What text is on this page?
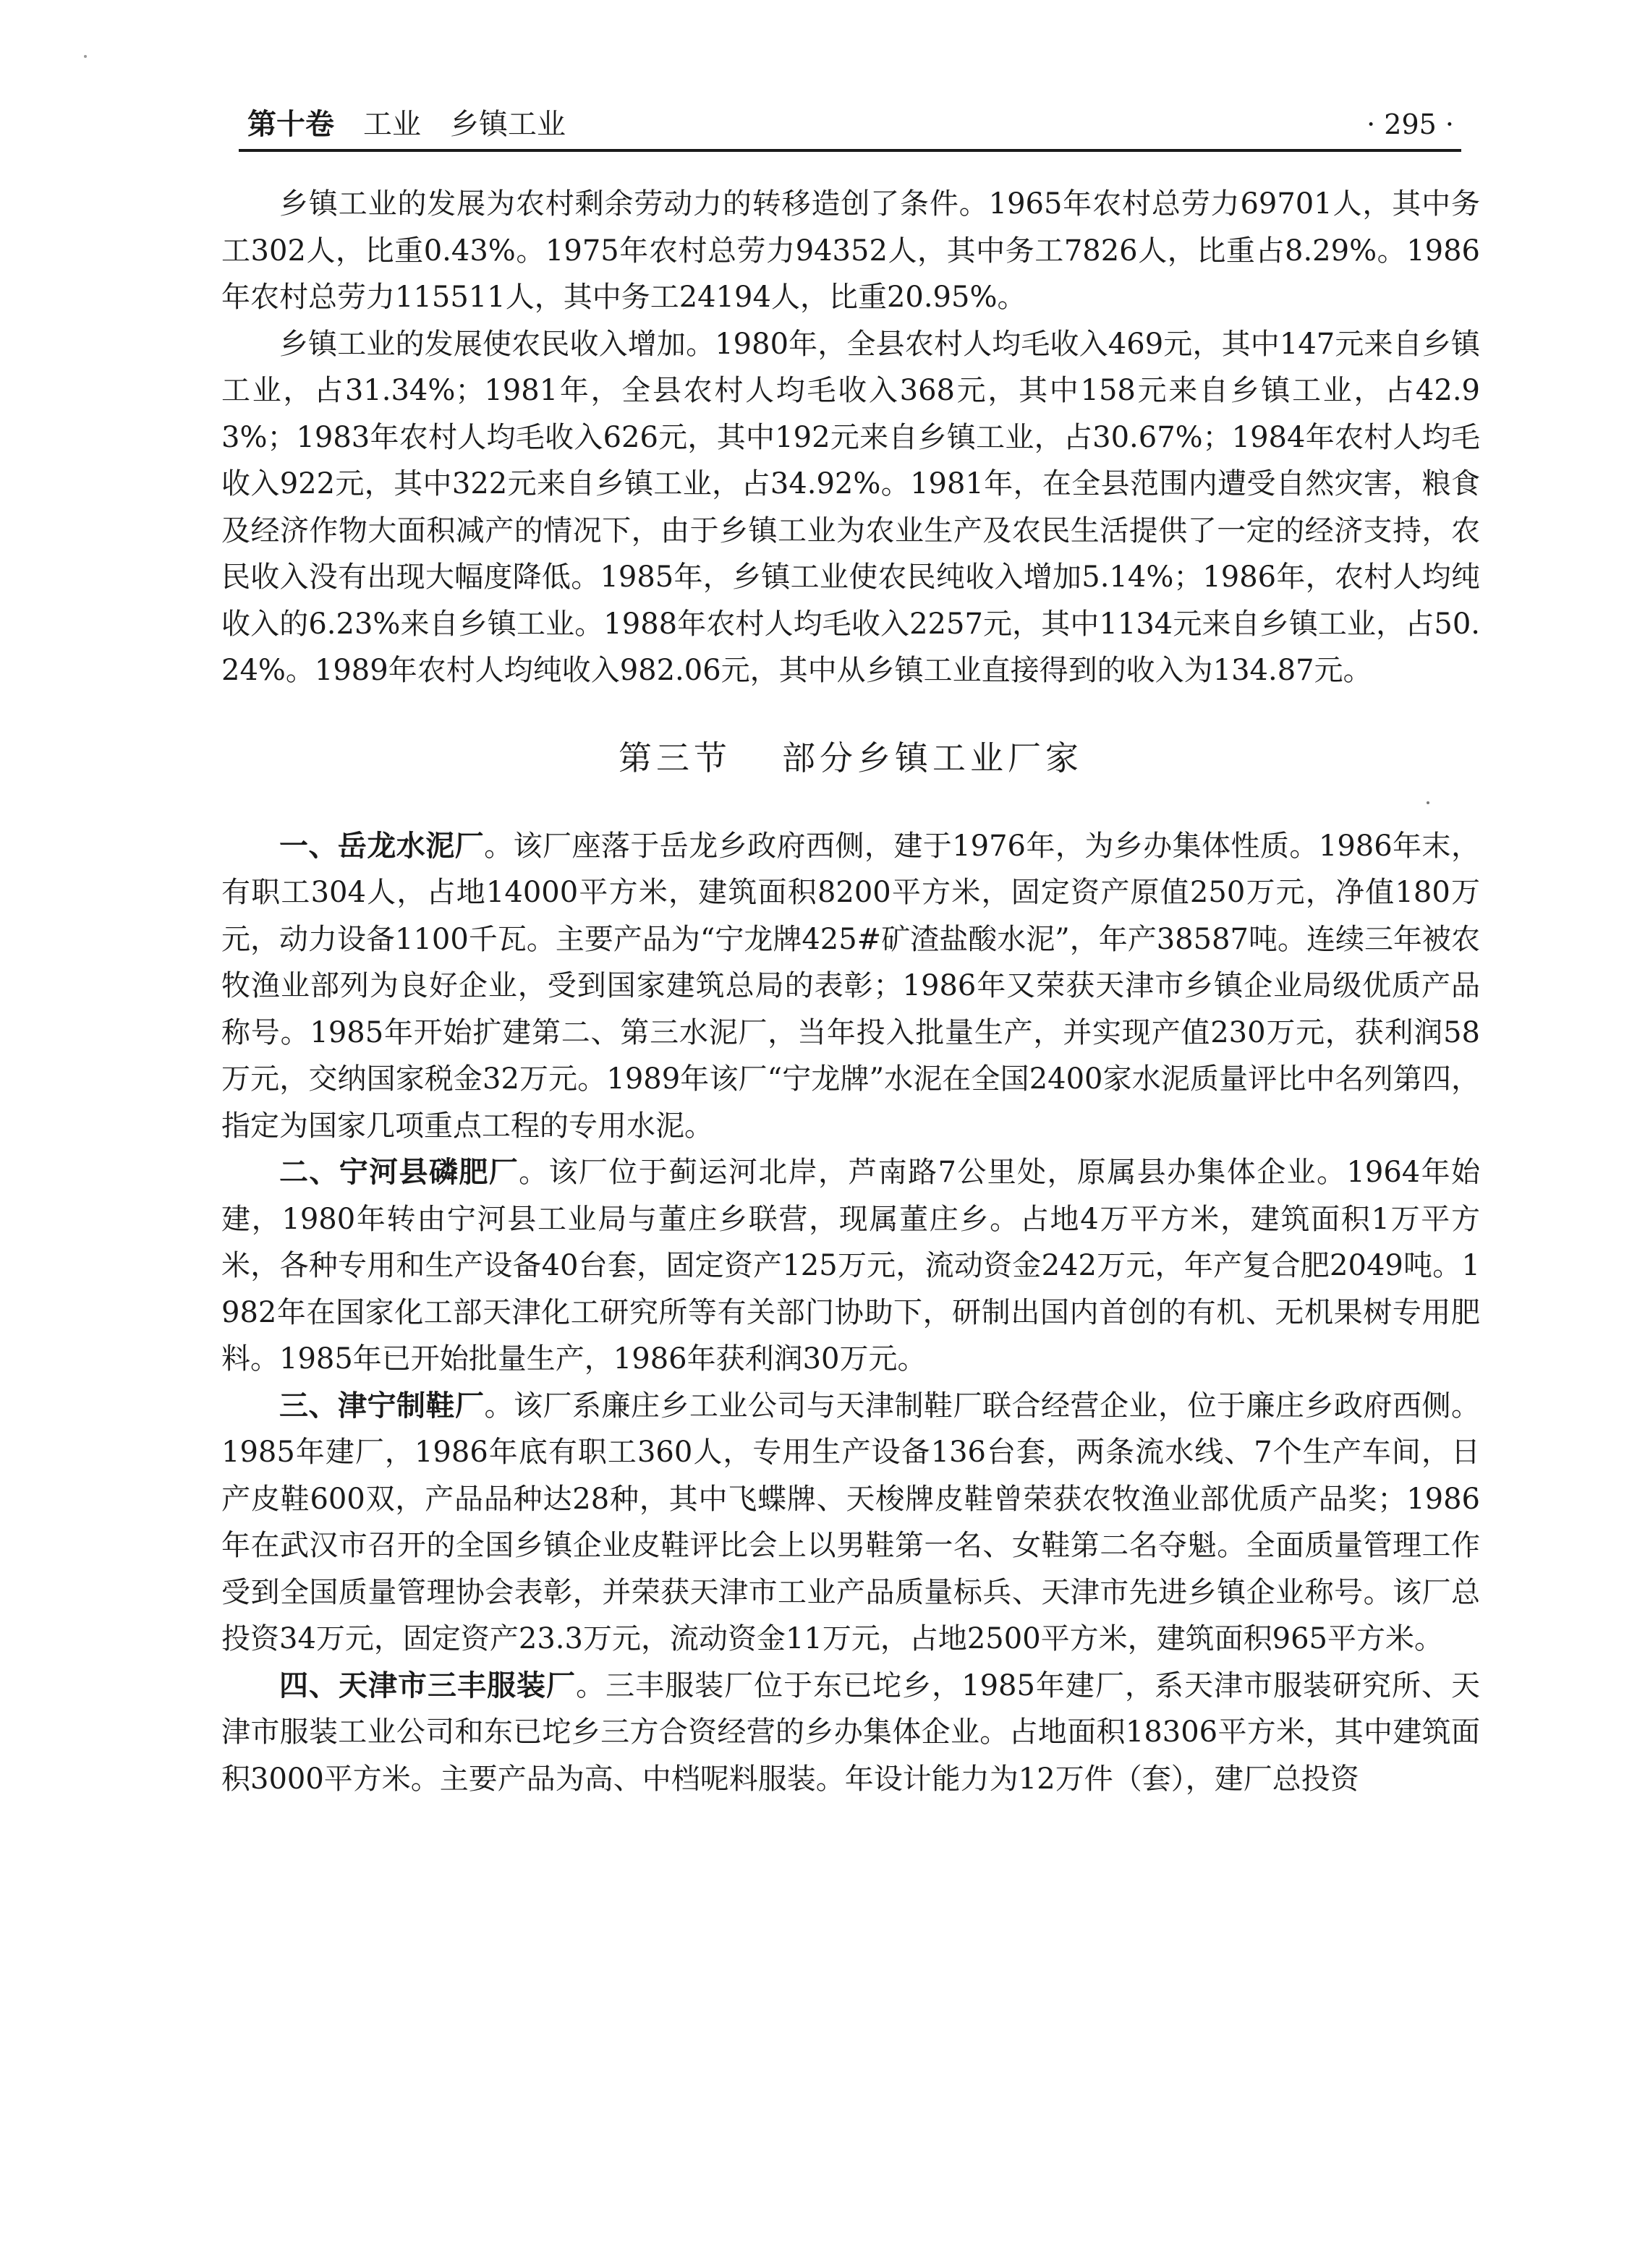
第十卷 工业 乡镇工业	· 295 ·

乡镇工业的发展为农村剩余劳动力的转移造创了条件。1965年农村总劳力69701人，其中务工302人，比重0.43%。1975年农村总劳力94352人，其中务工7826人，比重占8.29%。1986年农村总劳力115511人，其中务工24194人，比重20.95%。

乡镇工业的发展使农民收入增加。1980年，全县农村人均毛收入469元，其中147元来自乡镇工业，占31.34%；1981年，全县农村人均毛收入368元，其中158元来自乡镇工业，占42.93%；1983年农村人均毛收入626元，其中192元来自乡镇工业，占30.67%；1984年农村人均毛收入922元，其中322元来自乡镇工业，占34.92%。1981年，在全县范围内遭受自然灾害，粮食及经济作物大面积减产的情况下，由于乡镇工业为农业生产及农民生活提供了一定的经济支持，农民收入没有出现大幅度降低。1985年，乡镇工业使农民纯收入增加5.14%；1986年，农村人均纯收入的6.23%来自乡镇工业。1988年农村人均毛收入2257元，其中1134元来自乡镇工业，占50.24%。1989年农村人均纯收入982.06元，其中从乡镇工业直接得到的收入为134.87元。

第三节 部分乡镇工业厂家

一、岳龙水泥厂。该厂座落于岳龙乡政府西侧，建于1976年，为乡办集体性质。1986年末，有职工304人，占地14000平方米，建筑面积8200平方米，固定资产原值250万元，净值180万元，动力设备1100千瓦。主要产品为“宁龙牌425#矿渣盐酸水泥”，年产38587吨。连续三年被农牧渔业部列为良好企业，受到国家建筑总局的表彰；1986年又荣获天津市乡镇企业局级优质产品称号。1985年开始扩建第二、第三水泥厂，当年投入批量生产，并实现产值230万元，获利润58万元，交纳国家税金32万元。1989年该厂“宁龙牌”水泥在全国2400家水泥质量评比中名列第四，指定为国家几项重点工程的专用水泥。

二、宁河县磷肥厂。该厂位于蓟运河北岸，芦南路7公里处，原属县办集体企业。1964年始建，1980年转由宁河县工业局与董庄乡联营，现属董庄乡。占地4万平方米，建筑面积1万平方米，各种专用和生产设备40台套，固定资产125万元，流动资金242万元，年产复合肥2049吨。1982年在国家化工部天津化工研究所等有关部门协助下，研制出国内首创的有机、无机果树专用肥料。1985年已开始批量生产，1986年获利润30万元。

三、津宁制鞋厂。该厂系廉庄乡工业公司与天津制鞋厂联合经营企业，位于廉庄乡政府西侧。1985年建厂，1986年底有职工360人，专用生产设备136台套，两条流水线、7个生产车间，日产皮鞋600双，产品品种达28种，其中飞蝶牌、天梭牌皮鞋曾荣获农牧渔业部优质产品奖；1986年在武汉市召开的全国乡镇企业皮鞋评比会上以男鞋第一名、女鞋第二名夺魁。全面质量管理工作受到全国质量管理协会表彰，并荣获天津市工业产品质量标兵、天津市先进乡镇企业称号。该厂总投资34万元，固定资产23.3万元，流动资金11万元，占地2500平方米，建筑面积965平方米。

四、天津市三丰服装厂。三丰服装厂位于东已坨乡，1985年建厂，系天津市服装研究所、天津市服装工业公司和东已坨乡三方合资经营的乡办集体企业。占地面积18306平方米，其中建筑面积3000平方米。主要产品为高、中档呢料服装。年设计能力为12万件（套），建厂总投资
